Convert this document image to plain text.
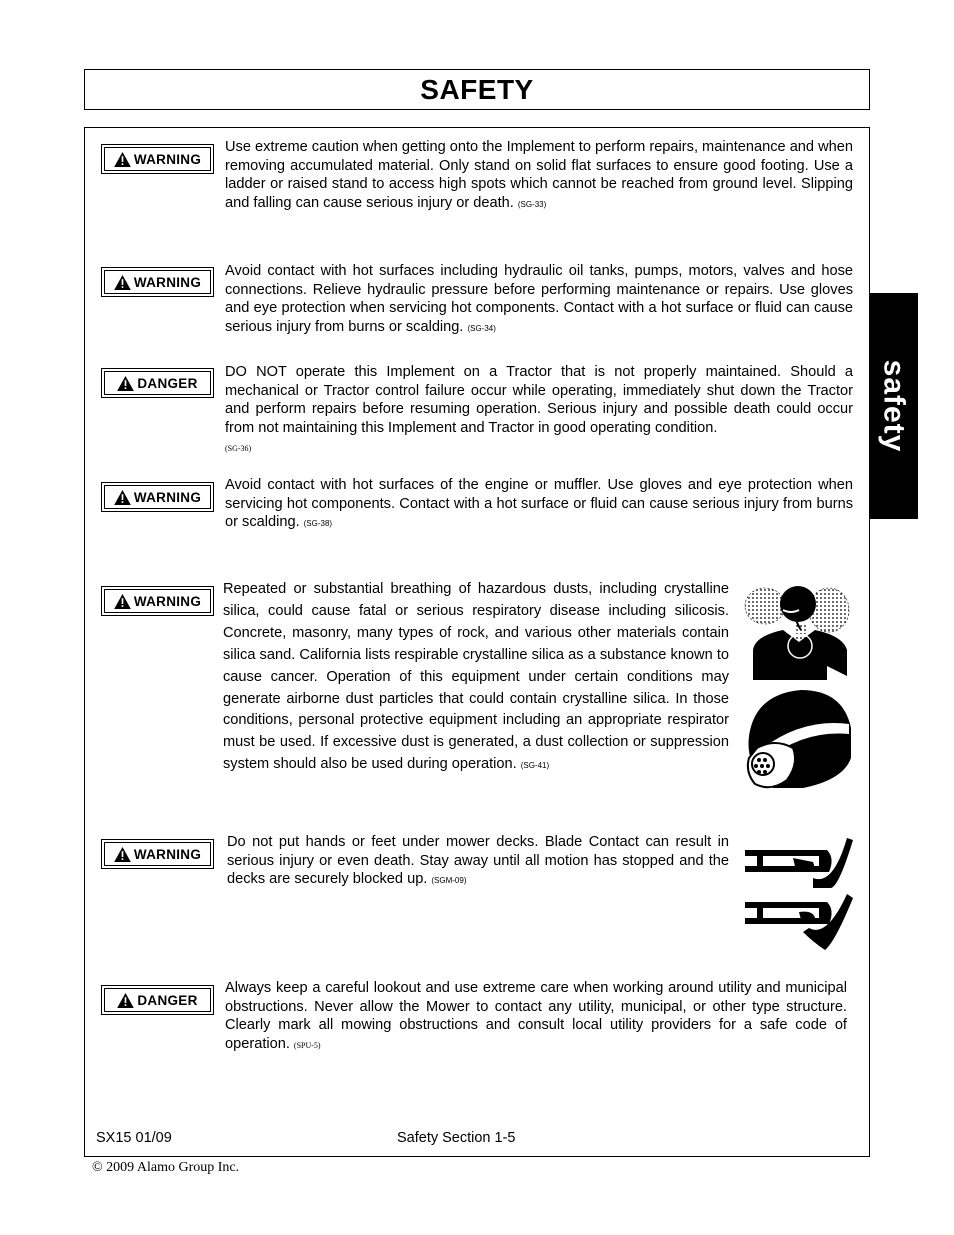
SAFETY
safety
WARNING

Use extreme caution when getting onto the Implement to perform repairs, maintenance and when removing accumulated material. Only stand on solid flat surfaces to ensure good footing. Use a ladder or raised stand to access high spots which cannot be reached from ground level. Slipping and falling can cause serious injury or death. (SG-33)

WARNING

Avoid contact with hot surfaces including hydraulic oil tanks, pumps, motors, valves and hose connections. Relieve hydraulic pressure before performing maintenance or repairs. Use gloves and eye protection when servicing hot components. Contact with a hot surface or fluid can cause serious injury from burns or scalding. (SG-34)

DANGER

DO NOT operate this Implement on a Tractor that is not properly maintained. Should a mechanical or Tractor control failure occur while operating, immediately shut down the Tractor and perform repairs before resuming operation. Serious injury and possible death could occur from not maintaining this Implement and Tractor in good operating condition.
(SG-36)

WARNING

Avoid contact with hot surfaces of the engine or muffler. Use gloves and eye protection when servicing hot components. Contact with a hot surface or fluid can cause serious injury from burns or scalding. (SG-38)

WARNING

Repeated or substantial breathing of hazardous dusts, including crystalline silica, could cause fatal or serious respiratory disease including silicosis. Concrete, masonry, many types of rock, and various other materials contain silica sand. California lists respirable crystalline silica as a substance known to cause cancer. Operation of this equipment under certain conditions may generate airborne dust particles that could contain crystalline silica. In those conditions, personal protective equipment including an appropriate respirator must be used. If excessive dust is generated, a dust collection or suppression system should also be used during operation. (SG-41)

WARNING

Do not put hands or feet under mower decks. Blade Contact can result in serious injury or even death. Stay away until all motion has stopped and the decks are securely blocked up. (SGM-09)

DANGER

Always keep a careful lookout and use extreme care when working around utility and municipal obstructions. Never allow the Mower to contact any utility, municipal, or other type structure. Clearly mark all mowing obstructions and consult local utility providers for a safe code of operation. (SPU-5)

SX15 01/09	Safety Section 1-5
© 2009 Alamo Group Inc.
